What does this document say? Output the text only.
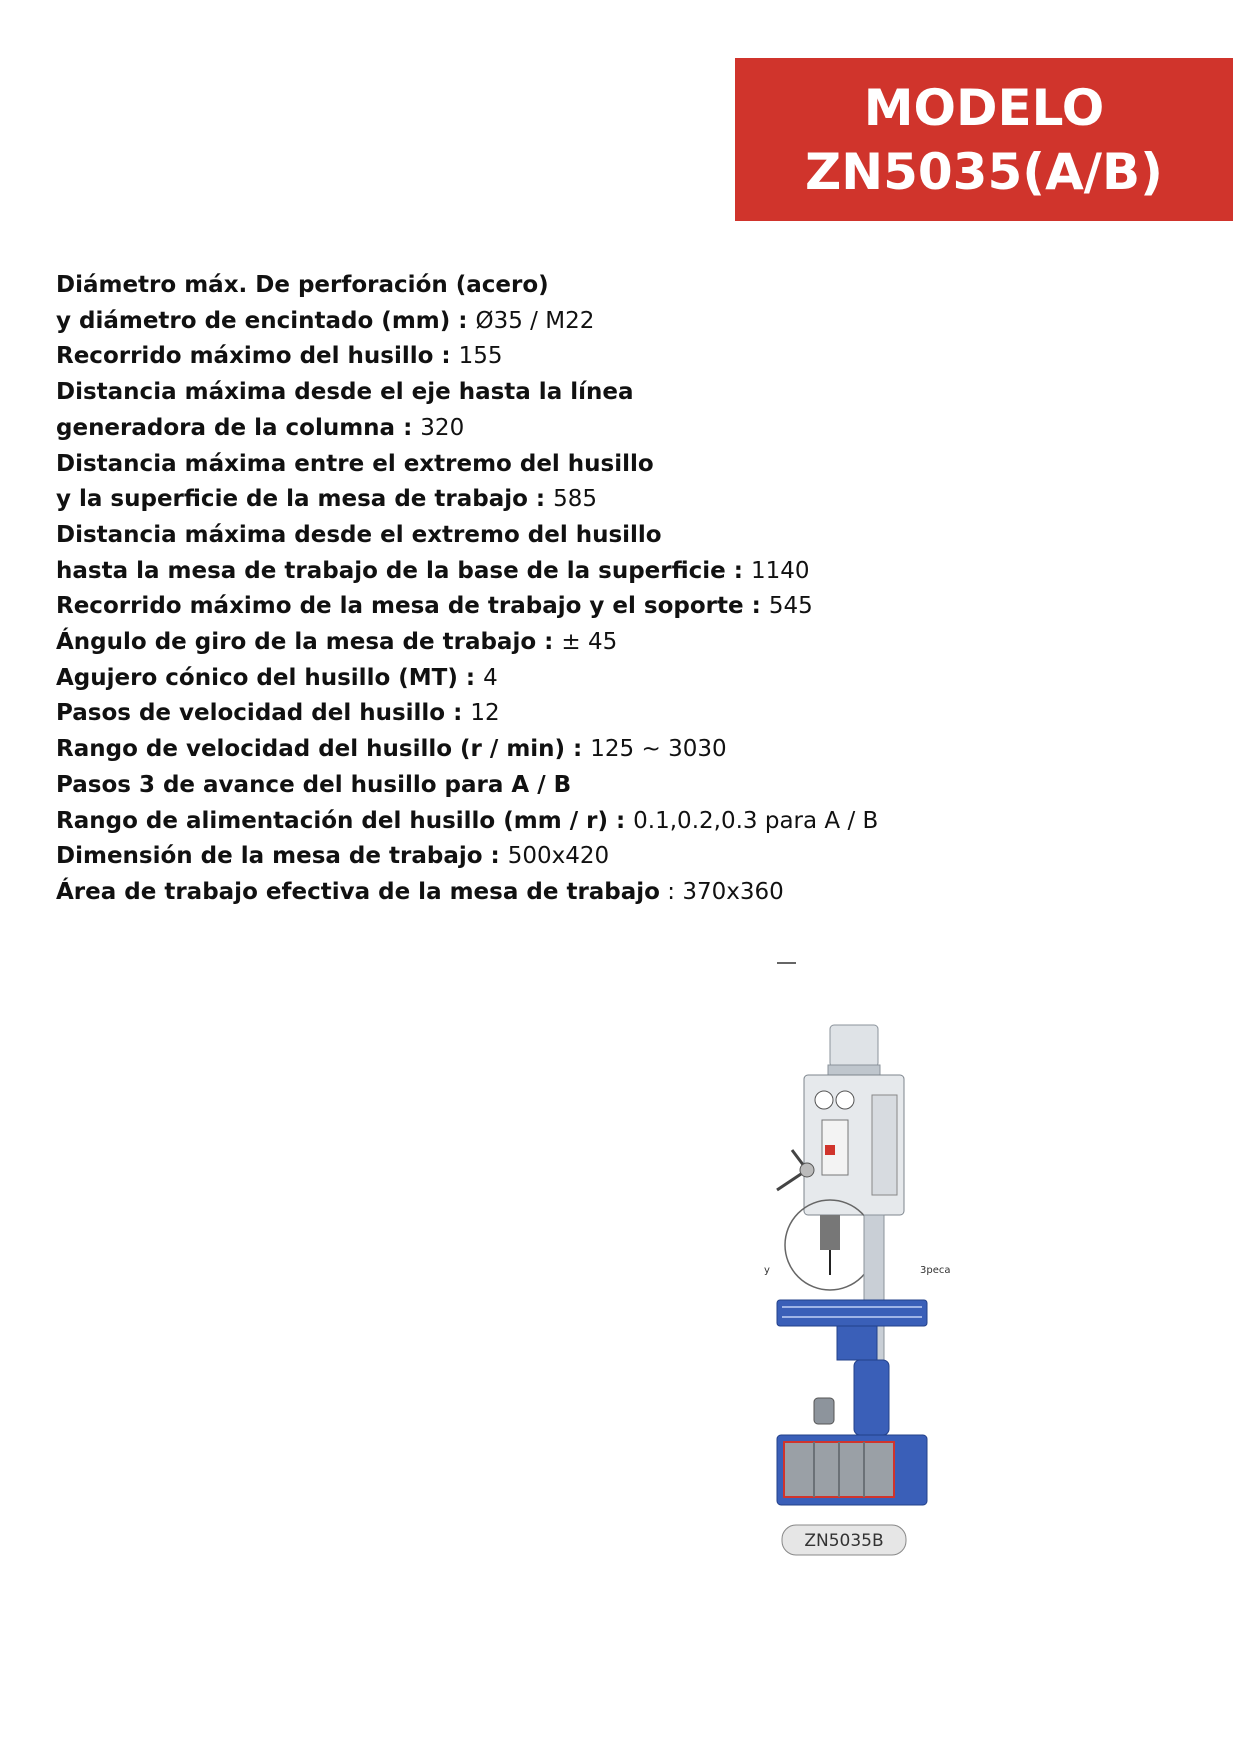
MODELO
ZN5035(A/B)
Diámetro máx. De perforación (acero)
y diámetro de encintado (mm) : Ø35 / M22
Recorrido máximo del husillo : 155
Distancia máxima desde el eje hasta la línea
generadora de la columna : 320
Distancia máxima entre el extremo del husillo
y la superficie de la mesa de trabajo : 585
Distancia máxima desde el extremo del husillo
hasta la mesa de trabajo de la base de la superficie : 1140
Recorrido máximo de la mesa de trabajo y el soporte : 545
Ángulo de giro de la mesa de trabajo : ± 45
Agujero cónico del husillo (MT) : 4
Pasos de velocidad del husillo : 12
Rango de velocidad del husillo (r / min) : 125 ~ 3030
Pasos 3 de avance del husillo para A / B
Rango de alimentación del husillo (mm / r) : 0.1,0.2,0.3 para A / B
Dimensión de la mesa de trabajo : 500x420
Área de trabajo efectiva de la mesa de trabajo : 370x360
y	3peca
ZN5035B
